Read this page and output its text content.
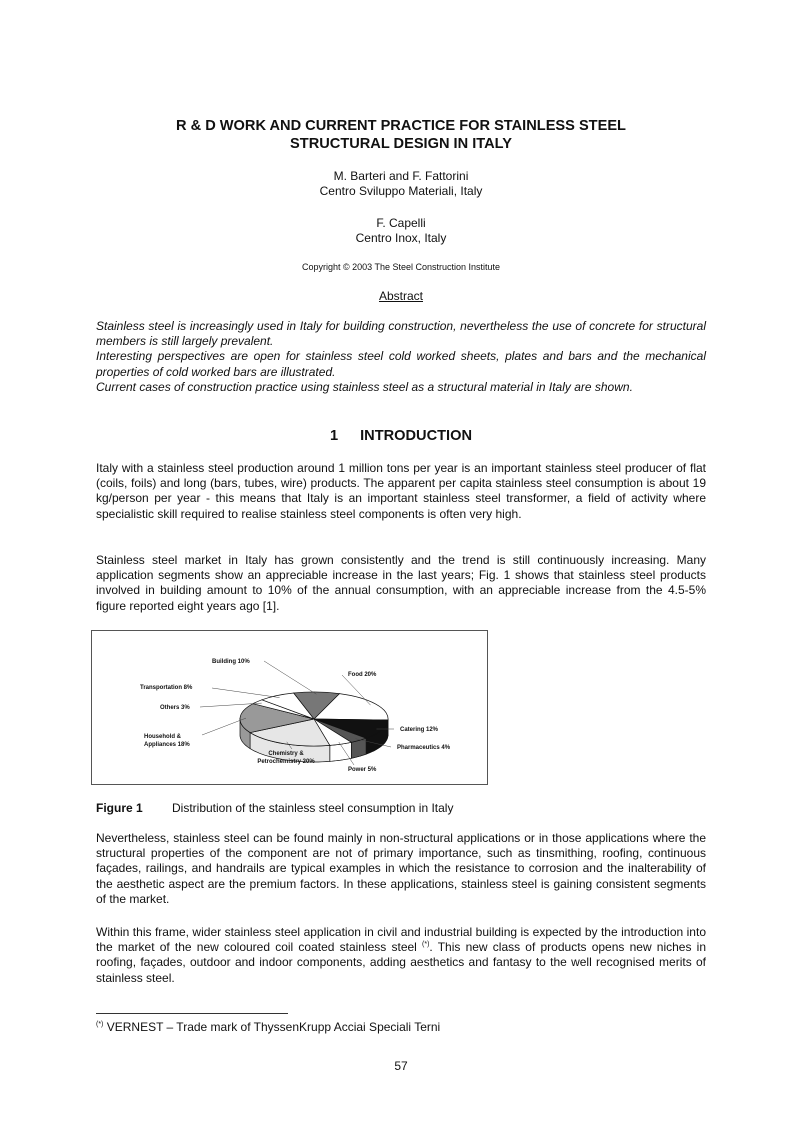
R & D WORK AND CURRENT PRACTICE FOR STAINLESS STEEL
STRUCTURAL DESIGN IN ITALY
M. Barteri and F. Fattorini
Centro Sviluppo Materiali, Italy
F. Capelli
Centro Inox, Italy
Copyright © 2003 The Steel Construction Institute
Abstract

Stainless steel is increasingly used in Italy for building construction, nevertheless the use of concrete for structural members is still largely prevalent.

Interesting perspectives are open for stainless steel cold worked sheets, plates and bars and the mechanical properties of cold worked bars are illustrated.

Current cases of construction practice using stainless steel as a structural material in Italy are shown.

1 INTRODUCTION

Italy with a stainless steel production around 1 million tons per year is an important stainless steel producer of flat (coils, foils) and long (bars, tubes, wire) products. The apparent per capita stainless steel consumption is about 19 kg/person per year - this means that Italy is an important stainless steel transformer, a field of activity where specialistic skill required to realise stainless steel components is often very high.

Stainless steel market in Italy has grown consistently and the trend is still continuously increasing. Many application segments show an appreciable increase in the last years; Fig. 1 shows that stainless steel products involved in building amount to 10% of the annual consumption, with an appreciable increase from the 4.5-5% figure reported eight years ago [1].

Food 20%
Catering 12%
Pharmaceutics 4%
Power 5%
Chemistry & Petrochemistry 20%
Household & Appliances 18%
Others 3%
Transportation 8%
Building 10%
Figure 1 Distribution of the stainless steel consumption in Italy

Nevertheless, stainless steel can be found mainly in non-structural applications or in those applications where the structural properties of the component are not of primary importance, such as tinsmithing, roofing, continuous façades, railings, and handrails are typical examples in which the resistance to corrosion and the inalterability of the aesthetic aspect are the premium factors. In these applications, stainless steel is gaining consistent segments of the market.

Within this frame, wider stainless steel application in civil and industrial building is expected by the introduction into the market of the new coloured coil coated stainless steel (*). This new class of products opens new niches in roofing, façades, outdoor and indoor components, adding aesthetics and fantasy to the well recognised merits of stainless steel.

(*) VERNEST – Trade mark of ThyssenKrupp Acciai Speciali Terni
57
